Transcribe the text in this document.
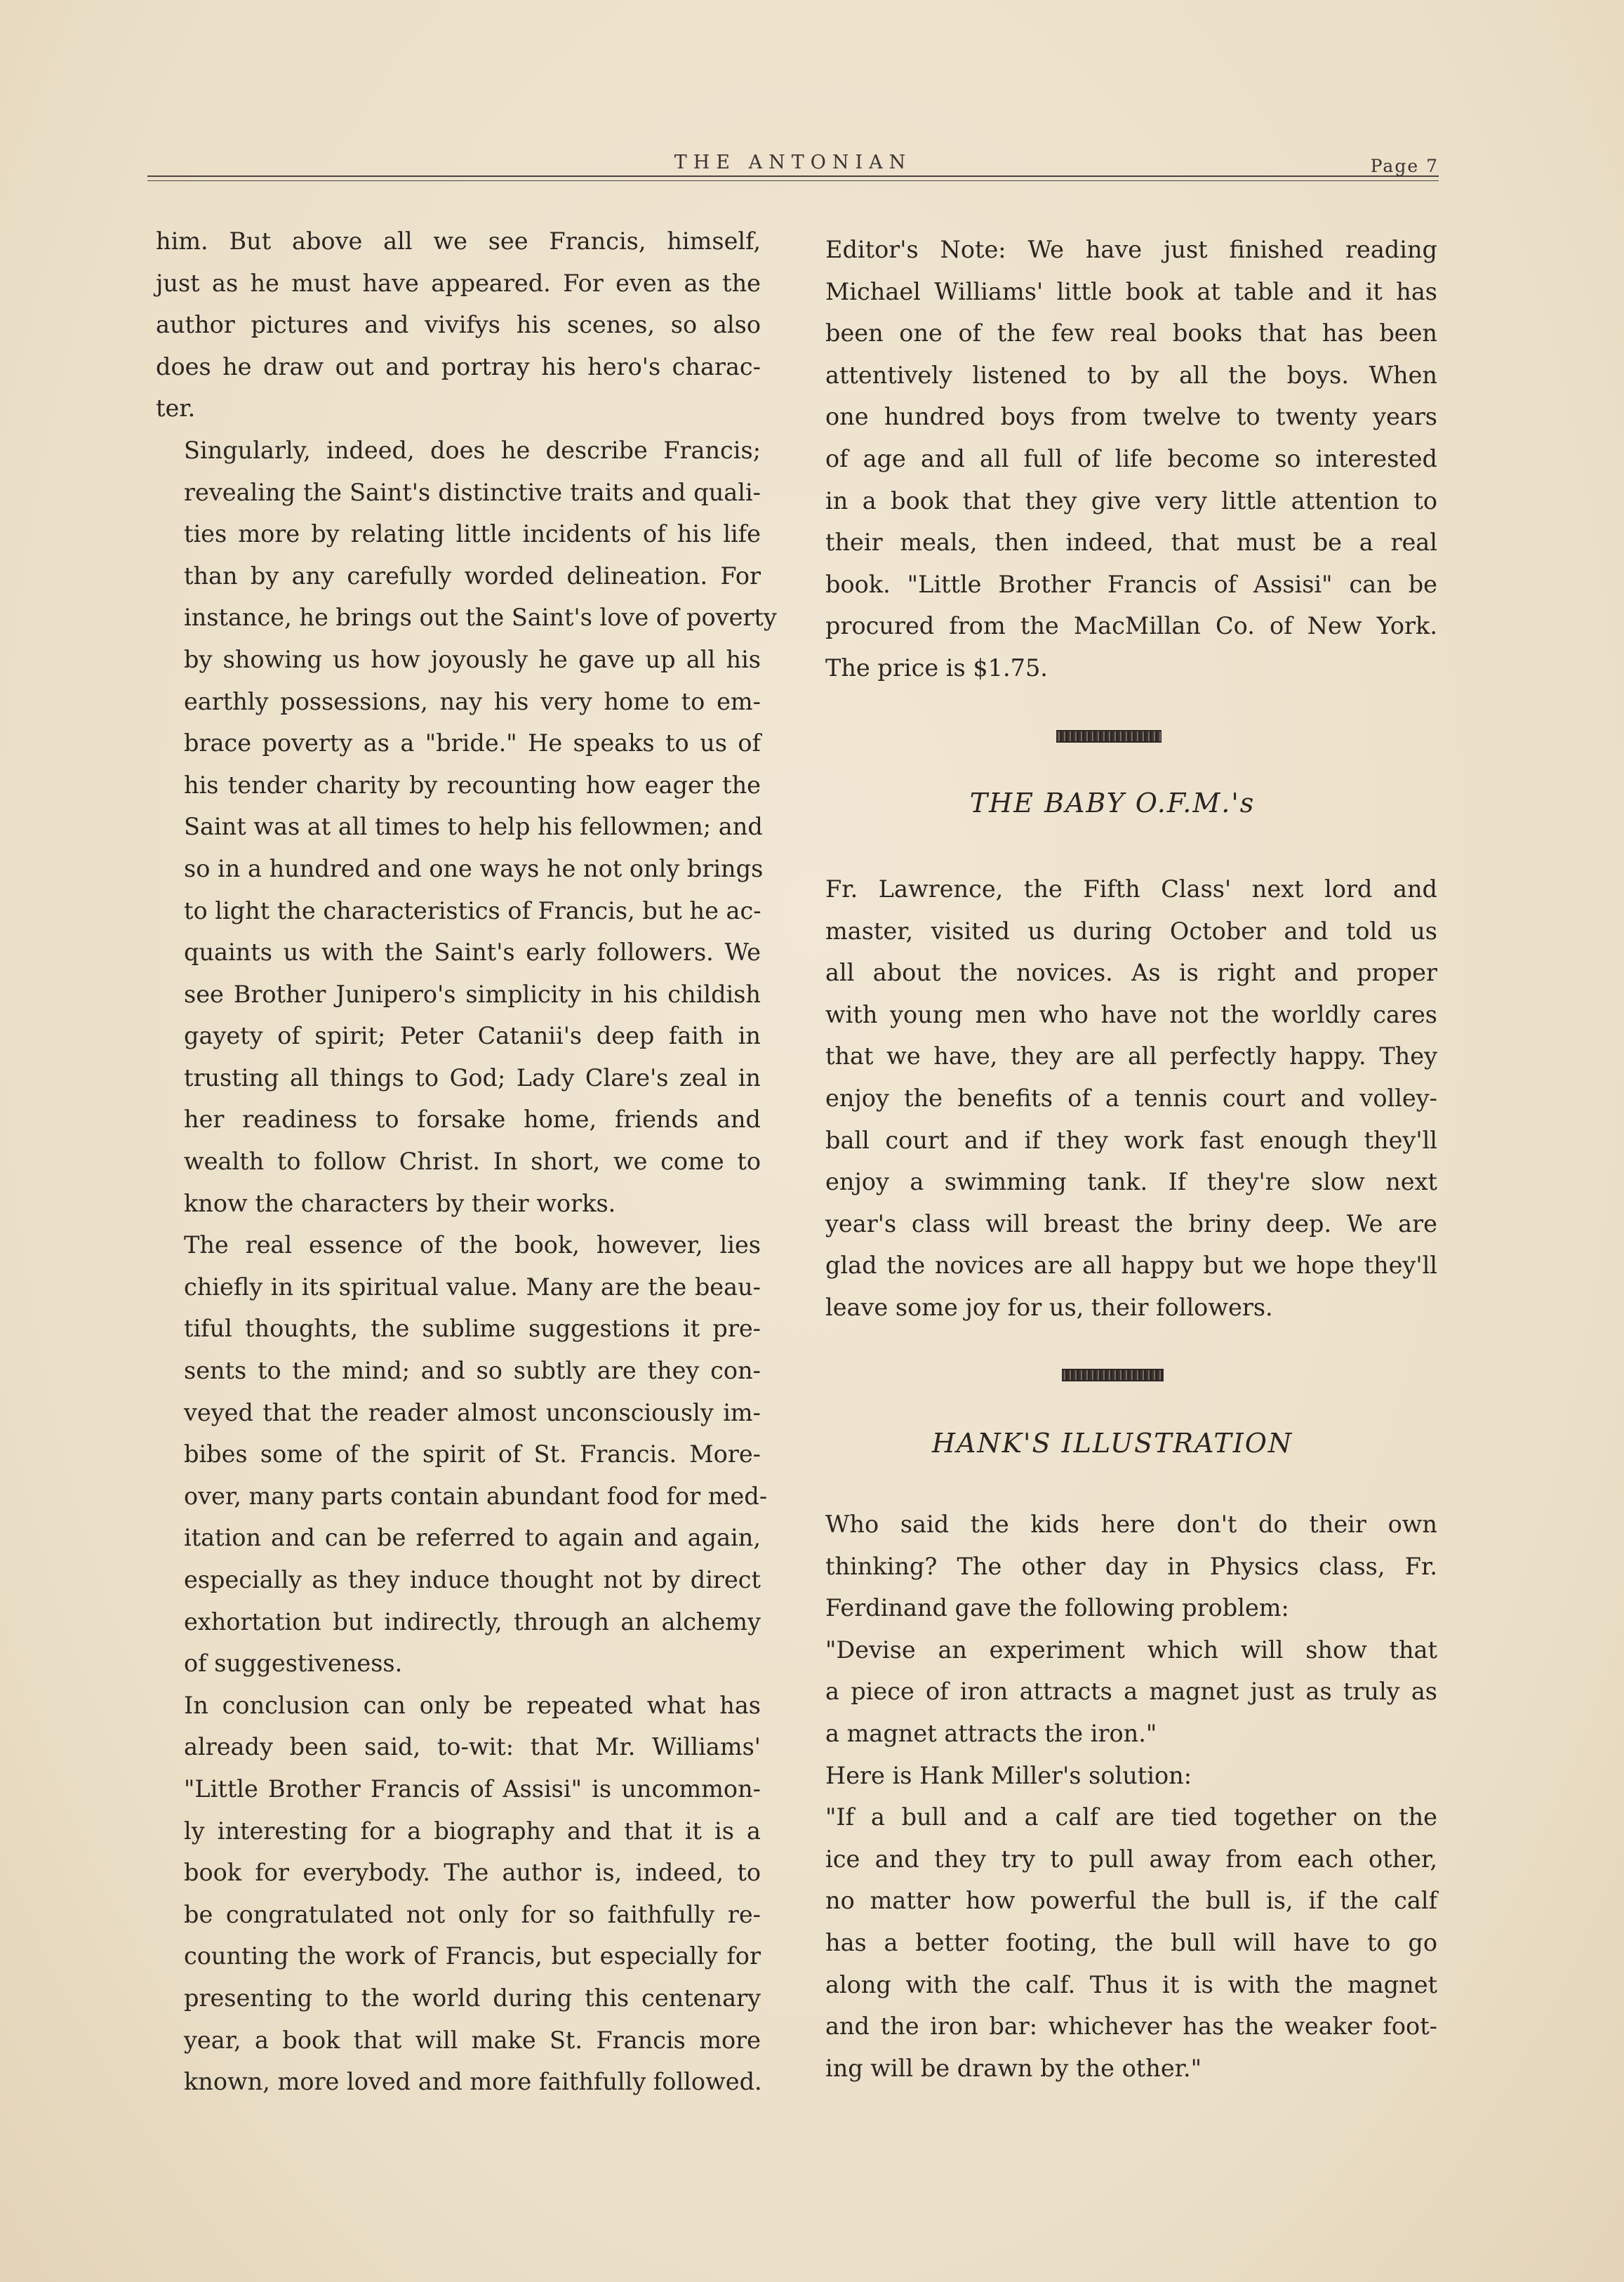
THE ANTONIAN	Page 7

him. But above all we see Francis, himself,
just as he must have appeared. For even as the
author pictures and vivifys his scenes, so also
does he draw out and portray his hero's charac-
ter.

Singularly, indeed, does he describe Francis;
revealing the Saint's distinctive traits and quali-
ties more by relating little incidents of his life
than by any carefully worded delineation. For
instance, he brings out the Saint's love of poverty
by showing us how joyously he gave up all his
earthly possessions, nay his very home to em-
brace poverty as a "bride." He speaks to us of
his tender charity by recounting how eager the
Saint was at all times to help his fellowmen; and
so in a hundred and one ways he not only brings
to light the characteristics of Francis, but he ac-
quaints us with the Saint's early followers. We
see Brother Junipero's simplicity in his childish
gayety of spirit; Peter Catanii's deep faith in
trusting all things to God; Lady Clare's zeal in
her readiness to forsake home, friends and
wealth to follow Christ. In short, we come to
know the characters by their works.

The real essence of the book, however, lies
chiefly in its spiritual value. Many are the beau-
tiful thoughts, the sublime suggestions it pre-
sents to the mind; and so subtly are they con-
veyed that the reader almost unconsciously im-
bibes some of the spirit of St. Francis. More-
over, many parts contain abundant food for med-
itation and can be referred to again and again,
especially as they induce thought not by direct
exhortation but indirectly, through an alchemy
of suggestiveness.

In conclusion can only be repeated what has
already been said, to-wit: that Mr. Williams'
"Little Brother Francis of Assisi" is uncommon-
ly interesting for a biography and that it is a
book for everybody. The author is, indeed, to
be congratulated not only for so faithfully re-
counting the work of Francis, but especially for
presenting to the world during this centenary
year, a book that will make St. Francis more
known, more loved and more faithfully followed.

Editor's Note: We have just finished reading
Michael Williams' little book at table and it has
been one of the few real books that has been
attentively listened to by all the boys. When
one hundred boys from twelve to twenty years
of age and all full of life become so interested
in a book that they give very little attention to
their meals, then indeed, that must be a real
book. "Little Brother Francis of Assisi" can be
procured from the MacMillan Co. of New York.
The price is $1.75.

THE BABY O.F.M.'s

Fr. Lawrence, the Fifth Class' next lord and
master, visited us during October and told us
all about the novices. As is right and proper
with young men who have not the worldly cares
that we have, they are all perfectly happy. They
enjoy the benefits of a tennis court and volley-
ball court and if they work fast enough they'll
enjoy a swimming tank. If they're slow next
year's class will breast the briny deep. We are
glad the novices are all happy but we hope they'll
leave some joy for us, their followers.

HANK'S ILLUSTRATION

Who said the kids here don't do their own
thinking? The other day in Physics class, Fr.
Ferdinand gave the following problem:

"Devise an experiment which will show that
a piece of iron attracts a magnet just as truly as
a magnet attracts the iron."

Here is Hank Miller's solution:

"If a bull and a calf are tied together on the
ice and they try to pull away from each other,
no matter how powerful the bull is, if the calf
has a better footing, the bull will have to go
along with the calf. Thus it is with the magnet
and the iron bar: whichever has the weaker foot-
ing will be drawn by the other."
